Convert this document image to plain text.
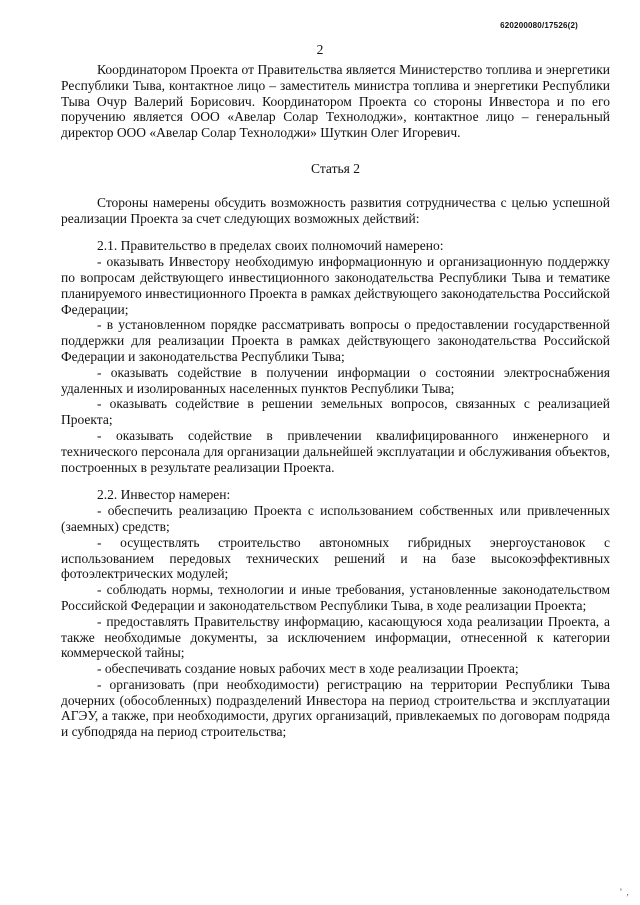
620200080/17526(2)
2

Координатором Проекта от Правительства является Министерство топлива и энергетики Республики Тыва, контактное лицо – заместитель министра топлива и энергетики Республики Тыва Очур Валерий Борисович. Координатором Проекта со стороны Инвестора и по его поручению является ООО «Авелар Солар Технолоджи», контактное лицо – генеральный директор ООО «Авелар Солар Технолоджи» Шуткин Олег Игоревич.

Статья 2

Стороны намерены обсудить возможность развития сотрудничества с целью успешной реализации Проекта за счет следующих возможных действий:

2.1. Правительство в пределах своих полномочий намерено:

- оказывать Инвестору необходимую информационную и организационную поддержку по вопросам действующего инвестиционного законодательства Республики Тыва и тематике планируемого инвестиционного Проекта в рамках действующего законодательства Российской Федерации;

- в установленном порядке рассматривать вопросы о предоставлении государственной поддержки для реализации Проекта в рамках действующего законодательства Российской Федерации и законодательства Республики Тыва;

- оказывать содействие в получении информации о состоянии электроснабжения удаленных и изолированных населенных пунктов Республики Тыва;

- оказывать содействие в решении земельных вопросов, связанных с реализацией Проекта;

- оказывать содействие в привлечении квалифицированного инженерного и технического персонала для организации дальнейшей эксплуатации и обслуживания объектов, построенных в результате реализации Проекта.

2.2. Инвестор намерен:

- обеспечить реализацию Проекта с использованием собственных или привлеченных (заемных) средств;

- осуществлять строительство автономных гибридных энергоустановок с использованием передовых технических решений и на базе высокоэффективных фотоэлектрических модулей;

- соблюдать нормы, технологии и иные требования, установленные законодательством Российской Федерации и законодательством Республики Тыва, в ходе реализации Проекта;

- предоставлять Правительству информацию, касающуюся хода реализации Проекта, а также необходимые документы, за исключением информации, отнесенной к категории коммерческой тайны;

- обеспечивать создание новых рабочих мест в ходе реализации Проекта;

- организовать (при необходимости) регистрацию на территории Республики Тыва дочерних (обособленных) подразделений Инвестора на период строительства и эксплуатации АГЭУ, а также, при необходимости, других организаций, привлекаемых по договорам подряда и субподряда на период строительства;

’ ‚
